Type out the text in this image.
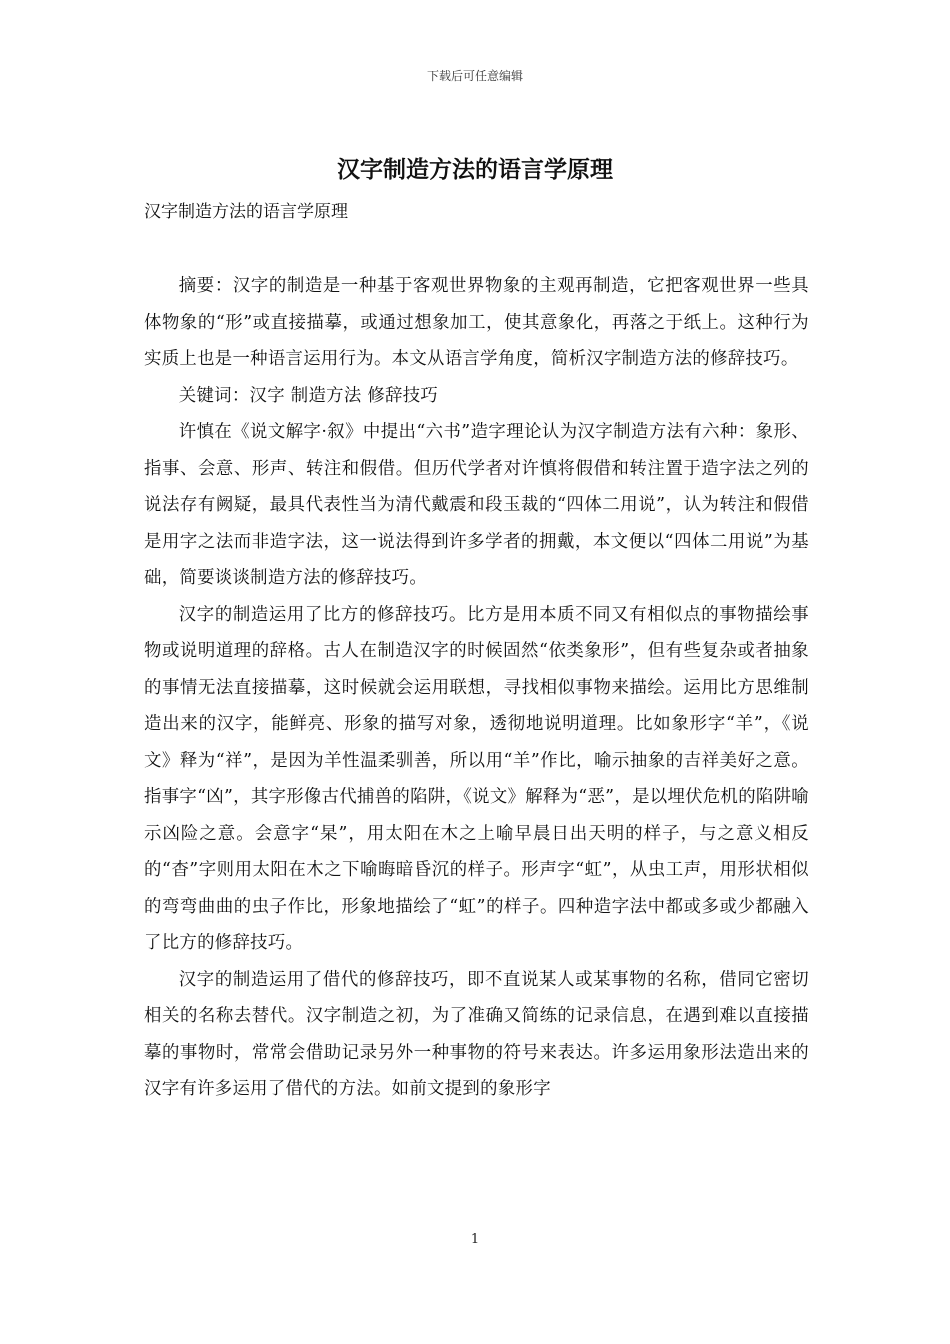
下载后可任意编辑
汉字制造方法的语言学原理

汉字制造方法的语言学原理

摘要：汉字的制造是一种基于客观世界物象的主观再制造，它把客观世界一些具体物象的“形”或直接描摹，或通过想象加工，使其意象化，再落之于纸上。这种行为实质上也是一种语言运用行为。本文从语言学角度，简析汉字制造方法的修辞技巧。

关键词：汉字 制造方法 修辞技巧

许慎在《说文解字·叙》中提出“六书”造字理论认为汉字制造方法有六种：象形、指事、会意、形声、转注和假借。但历代学者对许慎将假借和转注置于造字法之列的说法存有阙疑，最具代表性当为清代戴震和段玉裁的“四体二用说”，认为转注和假借是用字之法而非造字法，这一说法得到许多学者的拥戴，本文便以“四体二用说”为基础，简要谈谈制造方法的修辞技巧。

汉字的制造运用了比方的修辞技巧。比方是用本质不同又有相似点的事物描绘事物或说明道理的辞格。古人在制造汉字的时候固然“依类象形”，但有些复杂或者抽象的事情无法直接描摹，这时候就会运用联想，寻找相似事物来描绘。运用比方思维制造出来的汉字，能鲜亮、形象的描写对象，透彻地说明道理。比如象形字“羊”，《说文》释为“祥”，是因为羊性温柔驯善，所以用“羊”作比，喻示抽象的吉祥美好之意。指事字“凶”，其字形像古代捕兽的陷阱，《说文》解释为“恶”，是以埋伏危机的陷阱喻示凶险之意。会意字“杲”，用太阳在木之上喻早晨日出天明的样子，与之意义相反的“杳”字则用太阳在木之下喻晦暗昏沉的样子。形声字“虹”，从虫工声，用形状相似的弯弯曲曲的虫子作比，形象地描绘了“虹”的样子。四种造字法中都或多或少都融入了比方的修辞技巧。

汉字的制造运用了借代的修辞技巧，即不直说某人或某事物的名称，借同它密切相关的名称去替代。汉字制造之初，为了准确又简练的记录信息，在遇到难以直接描摹的事物时，常常会借助记录另外一种事物的符号来表达。许多运用象形法造出来的汉字有许多运用了借代的方法。如前文提到的象形字

1
